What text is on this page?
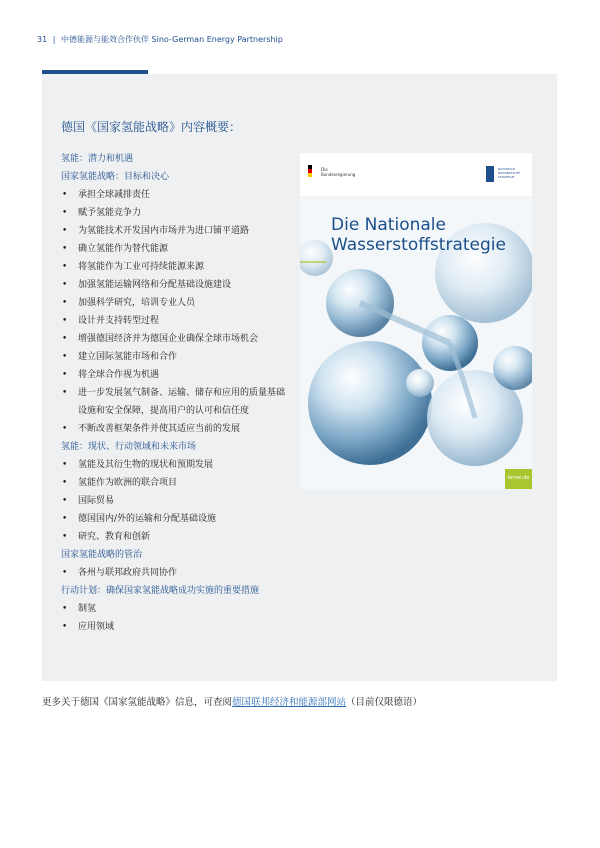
31 | 中德能源与能效合作伙伴 Sino-German Energy Partnership
德国《国家氢能战略》内容概要：
氢能：潜力和机遇
国家氢能战略：目标和决心
• 承担全球减排责任
• 赋予氢能竞争力
• 为氢能技术开发国内市场并为进口铺平道路
• 确立氢能作为替代能源
• 将氢能作为工业可持续能源来源
• 加强氢能运输网络和分配基础设施建设
• 加强科学研究，培训专业人员
• 设计并支持转型过程
• 增强德国经济并为德国企业确保全球市场机会
• 建立国际氢能市场和合作
• 将全球合作视为机遇
• 进一步发展氢气制备、运输、储存和应用的质量基础设施和安全保障，提高用户的认可和信任度
• 不断改善框架条件并使其适应当前的发展
氢能：现状、行动领域和未来市场
• 氢能及其衍生物的现状和预期发展
• 氢能作为欧洲的联合项目
• 国际贸易
• 德国国内/外的运输和分配基础设施
• 研究、教育和创新
国家氢能战略的管治
• 各州与联邦政府共同协作
行动计划：确保国家氢能战略成功实施的重要措施
• 制氢
• 应用领域
Die
Bundesregierung
NATIONALE
WASSERSTOFF-
STRATEGIE
Die Nationale
Wasserstoffstrategie
bmwi.de
更多关于德国《国家氢能战略》信息，可查阅德国联邦经济和能源部网站（目前仅限德语）
